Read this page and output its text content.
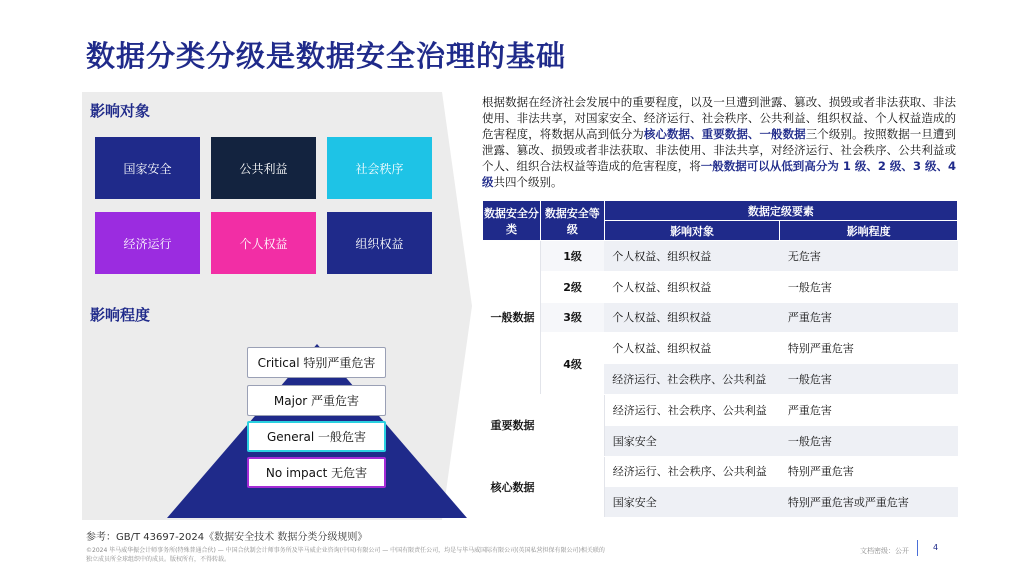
数据分类分级是数据安全治理的基础
影响对象
国家安全	公共利益	社会秩序
经济运行	个人权益	组织权益
影响程度
Critical 特别严重危害
Major 严重危害
General 一般危害
No impact 无危害
根据数据在经济社会发展中的重要程度，以及一旦遭到泄露、篡改、损毁或者非法获取、非法使用、非法共享，对国家安全、经济运行、社会秩序、公共利益、组织权益、个人权益造成的危害程度，将数据从高到低分为核心数据、重要数据、一般数据三个级别。按照数据一旦遭到泄露、篡改、损毁或者非法获取、非法使用、非法共享，对经济运行、社会秩序、公共利益或个人、组织合法权益等造成的危害程度，将一般数据可以从低到高分为 1 级、2 级、3 级、4 级共四个级别。
数据安全分类	数据安全等级	数据定级要素	
		影响对象	影响程度

一般数据	1级	个人权益、组织权益	无危害
	2级	个人权益、组织权益	一般危害
	3级	个人权益、组织权益	严重危害
	4级	个人权益、组织权益	特别严重危害
		经济运行、社会秩序、公共利益	一般危害

重要数据		经济运行、社会秩序、公共利益	严重危害
		国家安全	一般危害

核心数据		经济运行、社会秩序、公共利益	特别严重危害
		国家安全	特别严重危害或严重危害
参考：GB/T 43697-2024《数据安全技术 数据分类分级规则》
©2024 毕马威华振会计师事务所(特殊普通合伙) — 中国合伙制会计师事务所及毕马威企业咨询(中国)有限公司 — 中国有限责任公司，均是与毕马威国际有限公司(英国私营担保有限公司)相关联的独立成员所全球组织中的成员。版权所有，不得转载。
文档密级：公开	4
